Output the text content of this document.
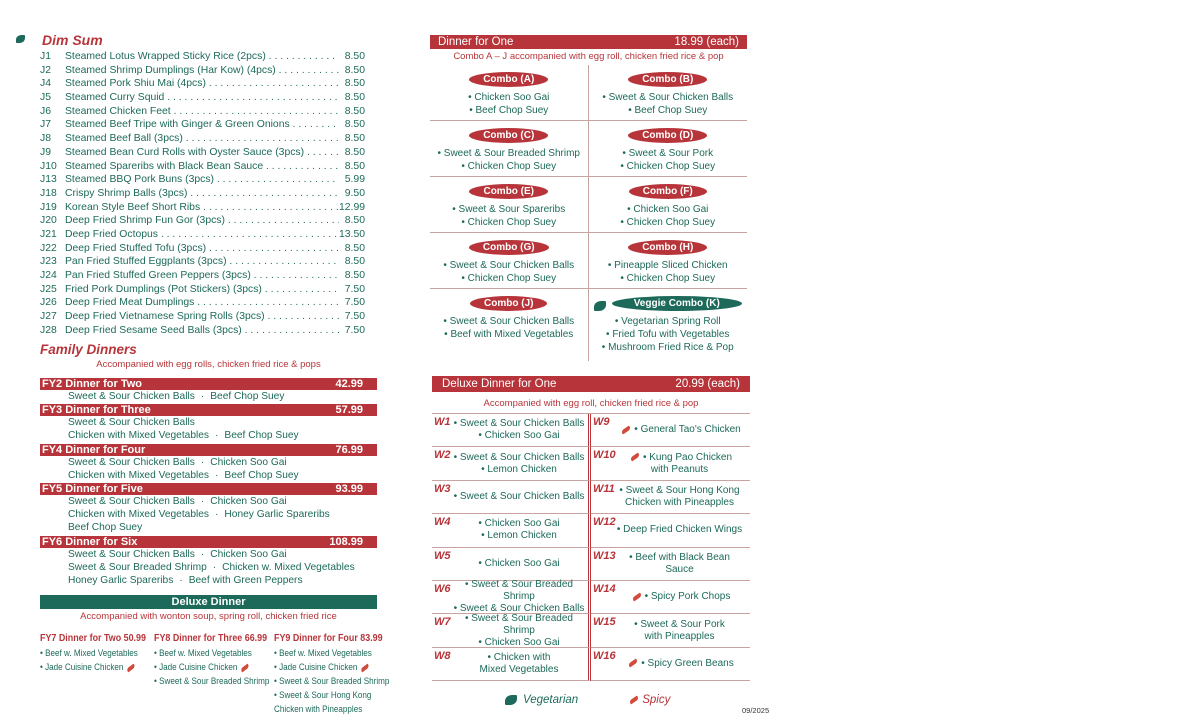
Dim Sum
J1	Steamed Lotus Wrapped Sticky Rice (2pcs) . . .	8.50
J2	Steamed Shrimp Dumplings (Har Kow) (4pcs) . . .	8.50
J4	Steamed Pork Shiu Mai (4pcs) . . .	8.50
J5	Steamed Curry Squid . . .	8.50
J6	Steamed Chicken Feet . . .	8.50
J7	Steamed Beef Tripe with Ginger & Green Onions . . .	8.50
J8	Steamed Beef Ball (3pcs) . . .	8.50
J9	Steamed Bean Curd Rolls with Oyster Sauce (3pcs) . . .	8.50
J10 Steamed Spareribs with Black Bean Sauce . . .	8.50
J13 Steamed BBQ Pork Buns (3pcs) . . .	5.99
J18 Crispy Shrimp Balls (3pcs) . . .	9.50
J19 Korean Style Beef Short Ribs . . .	12.99
J20 Deep Fried Shrimp Fun Gor (3pcs) . . .	8.50
J21 Deep Fried Octopus . . .	13.50
J22 Deep Fried Stuffed Tofu (3pcs) . . .	8.50
J23 Pan Fried Stuffed Eggplants (3pcs) . . .	8.50
J24 Pan Fried Stuffed Green Peppers (3pcs) . . .	8.50
J25 Fried Pork Dumplings (Pot Stickers) (3pcs) . . .	7.50
J26 Deep Fried Meat Dumplings . . .	7.50
J27 Deep Fried Vietnamese Spring Rolls (3pcs) . . .	7.50
J28 Deep Fried Sesame Seed Balls (3pcs) . . .	7.50
Family Dinners
Accompanied with egg rolls, chicken fried rice & pops
FY2 Dinner for Two	42.99
Sweet & Sour Chicken Balls · Beef Chop Suey
FY3 Dinner for Three	57.99
Sweet & Sour Chicken Balls
Chicken with Mixed Vegetables · Beef Chop Suey
FY4 Dinner for Four	76.99
Sweet & Sour Chicken Balls · Chicken Soo Gai
Chicken with Mixed Vegetables · Beef Chop Suey
FY5 Dinner for Five	93.99
Sweet & Sour Chicken Balls · Chicken Soo Gai
Chicken with Mixed Vegetables · Honey Garlic Spareribs
Beef Chop Suey
FY6 Dinner for Six	108.99
Sweet & Sour Chicken Balls · Chicken Soo Gai
Sweet & Sour Breaded Shrimp · Chicken w. Mixed Vegetables
Honey Garlic Spareribs · Beef with Green Peppers
Deluxe Dinner
Accompanied with wonton soup, spring roll, chicken fried rice
FY7 Dinner for Two 50.99
• Beef w. Mixed Vegetables
• Jade Cuisine Chicken
FY8 Dinner for Three 66.99
• Beef w. Mixed Vegetables
• Jade Cuisine Chicken
• Sweet & Sour Breaded Shrimp
FY9 Dinner for Four 83.99
• Beef w. Mixed Vegetables
• Jade Cuisine Chicken
• Sweet & Sour Breaded Shrimp
• Sweet & Sour Hong Kong
Chicken with Pineapples
Dinner for One	18.99 (each)
Combo A – J accompanied with egg roll, chicken fried rice & pop
Combo (A)
• Chicken Soo Gai
• Beef Chop Suey
Combo (B)
• Sweet & Sour Chicken Balls
• Beef Chop Suey
Combo (C)
• Sweet & Sour Breaded Shrimp
• Chicken Chop Suey
Combo (D)
• Sweet & Sour Pork
• Chicken Chop Suey
Combo (E)
• Sweet & Sour Spareribs
• Chicken Chop Suey
Combo (F)
• Chicken Soo Gai
• Chicken Chop Suey
Combo (G)
• Sweet & Sour Chicken Balls
• Chicken Chop Suey
Combo (H)
• Pineapple Sliced Chicken
• Chicken Chop Suey
Combo (J)
• Sweet & Sour Chicken Balls
• Beef with Mixed Vegetables
Veggie Combo (K)
• Vegetarian Spring Roll
• Fried Tofu with Vegetables
• Mushroom Fried Rice & Pop
Deluxe Dinner for One	20.99 (each)
Accompanied with egg roll, chicken fried rice & pop
W1 • Sweet & Sour Chicken Balls
• Chicken Soo Gai
W9
• General Tao's Chicken
W2 • Sweet & Sour Chicken Balls
• Lemon Chicken
W10	• Kung Pao Chicken
with Peanuts
W3
• Sweet & Sour Chicken Balls
W11 • Sweet & Sour Hong Kong
Chicken with Pineapples
W4	• Chicken Soo Gai
• Lemon Chicken
W12
• Deep Fried Chicken Wings
W5
• Chicken Soo Gai
W13	• Beef with Black Bean
Sauce
W6	• Sweet & Sour Breaded Shrimp
• Sweet & Sour Chicken Balls
W14
• Spicy Pork Chops
W7	• Sweet & Sour Breaded Shrimp
• Chicken Soo Gai
W15	• Sweet & Sour Pork
with Pineapples
W8	• Chicken with
Mixed Vegetables
W16
• Spicy Green Beans
Vegetarian	Spicy
09/2025
